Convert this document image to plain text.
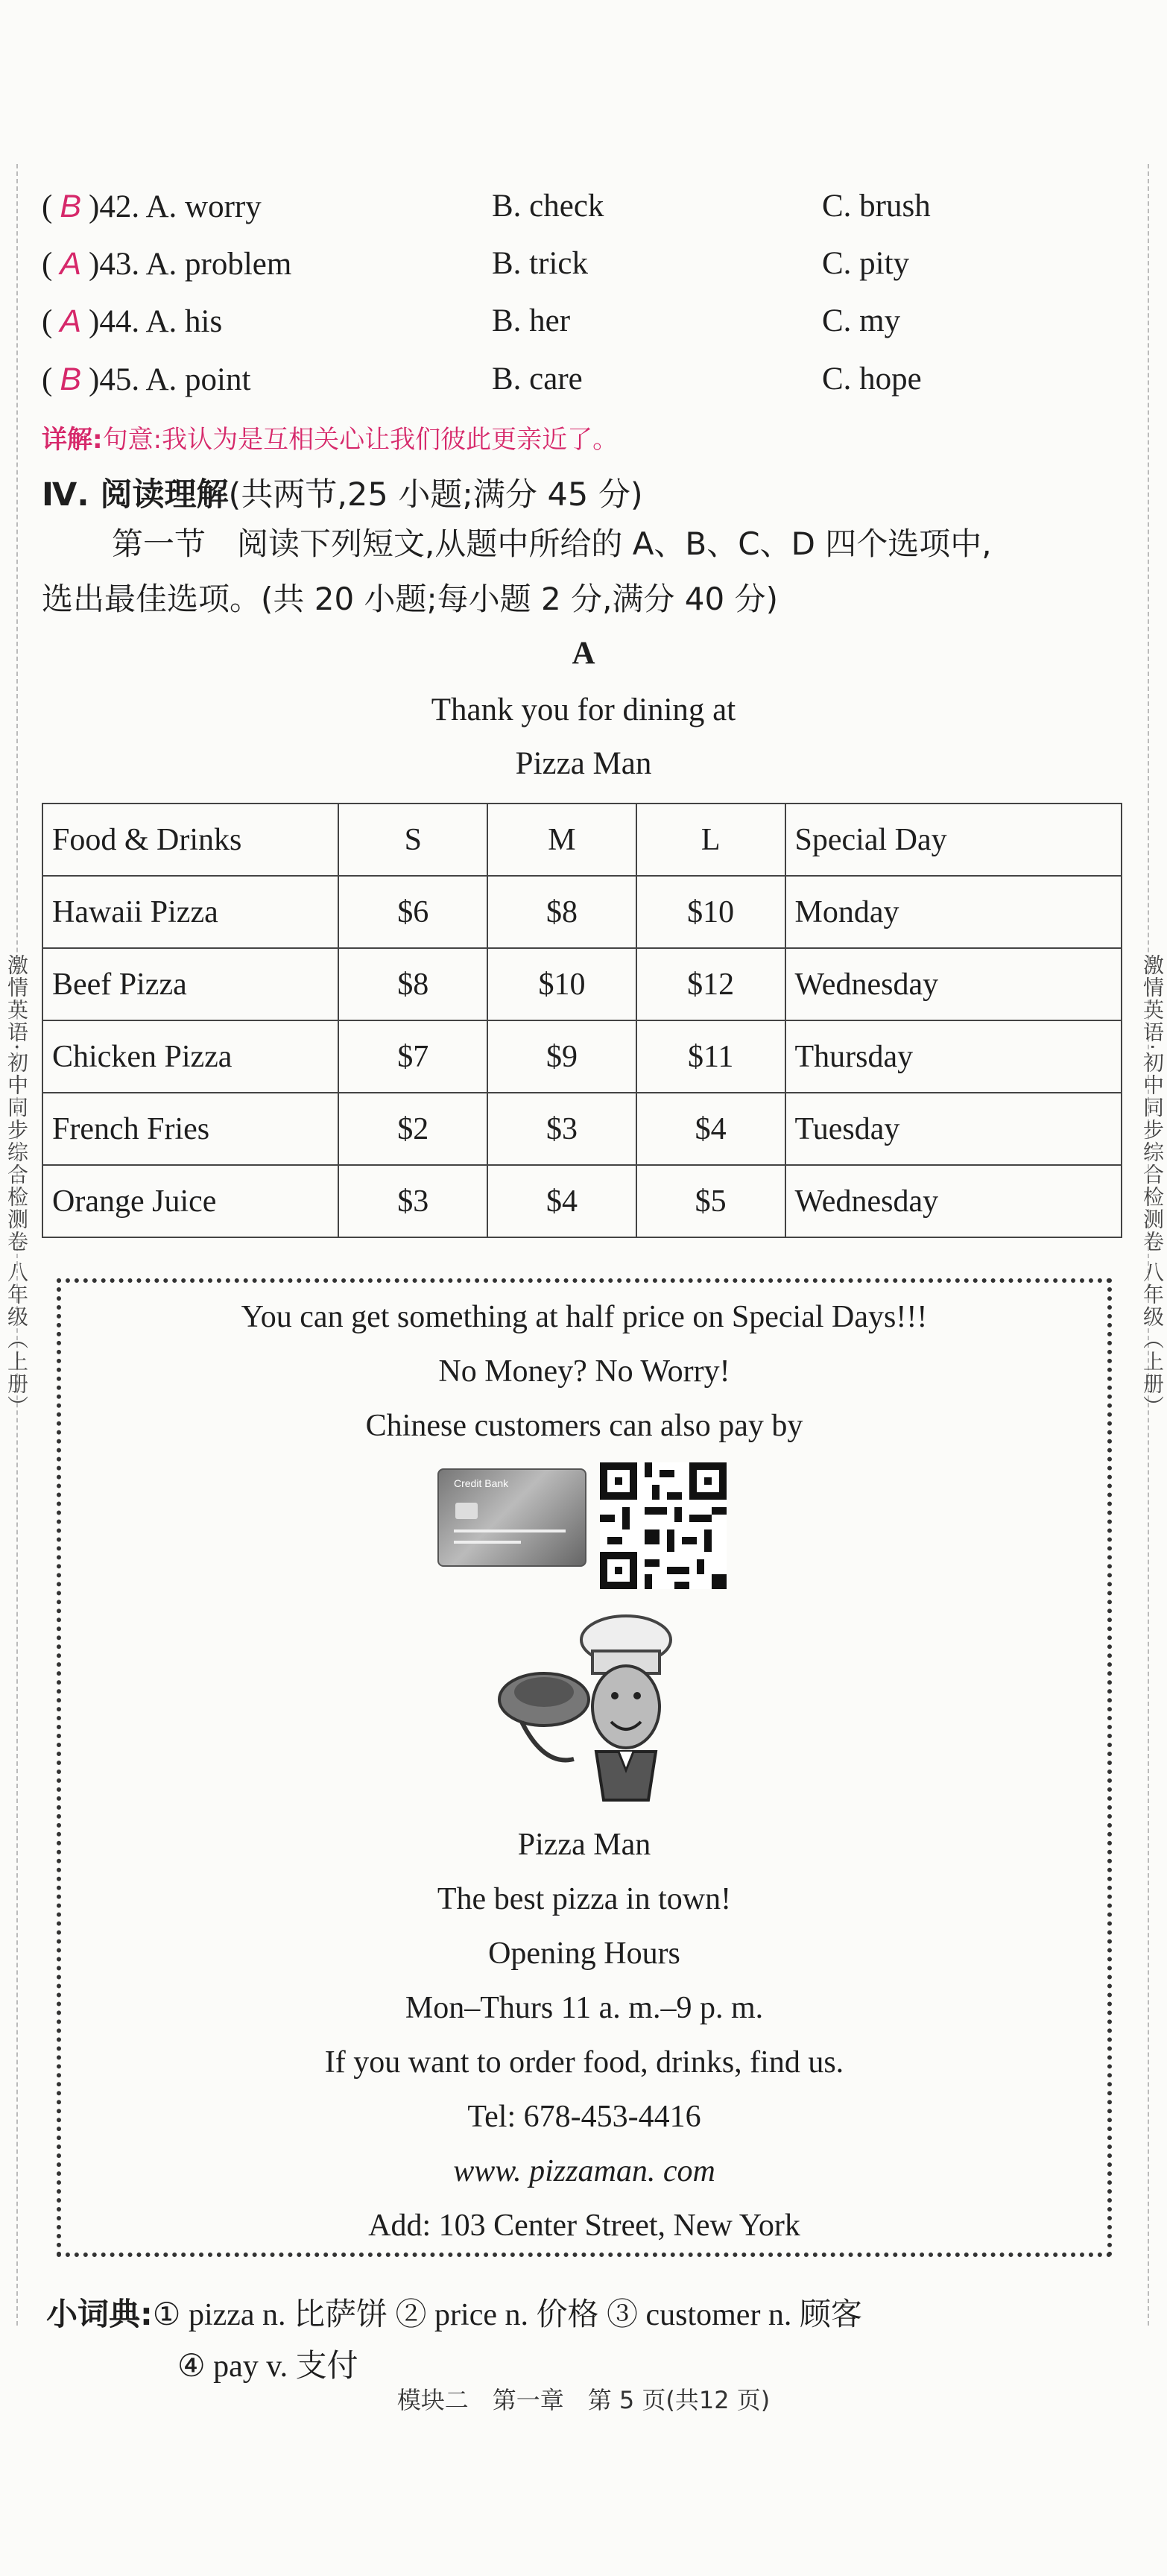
激情英语·初中同步综合检测卷 八年级（上册）	激情英语·初中同步综合检测卷 八年级（上册）
( B )42. A. worry	B. check	C. brush
( A )43. A. problem	B. trick	C. pity
( A )44. A. his	B. her	C. my
( B )45. A. point	B. care	C. hope
详解:句意:我认为是互相关心让我们彼此更亲近了。
Ⅳ. 阅读理解(共两节,25 小题;满分 45 分)
第一节　阅读下列短文,从题中所给的 A、B、C、D 四个选项中,
选出最佳选项。(共 20 小题;每小题 2 分,满分 40 分)
A
Thank you for dining at
Pizza Man
Food & Drinks	S	M	L	Special Day
Hawaii Pizza	$6	$8	$10	Monday
Beef Pizza	$8	$10	$12	Wednesday
Chicken Pizza	$7	$9	$11	Thursday
French Fries	$2	$3	$4	Tuesday
Orange Juice	$3	$4	$5	Wednesday
You can get something at half price on Special Days!!!
No Money? No Worry!
Chinese customers can also pay by
Credit Bank
Pizza Man
The best pizza in town!
Opening Hours
Mon–Thurs 11 a. m.–9 p. m.
If you want to order food, drinks, find us.
Tel: 678-453-4416
www. pizzaman. com
Add: 103 Center Street, New York
小词典:① pizza n. 比萨饼 ② price n. 价格 ③ customer n. 顾客
④ pay v. 支付
模块二　第一章　第 5 页(共12 页)
